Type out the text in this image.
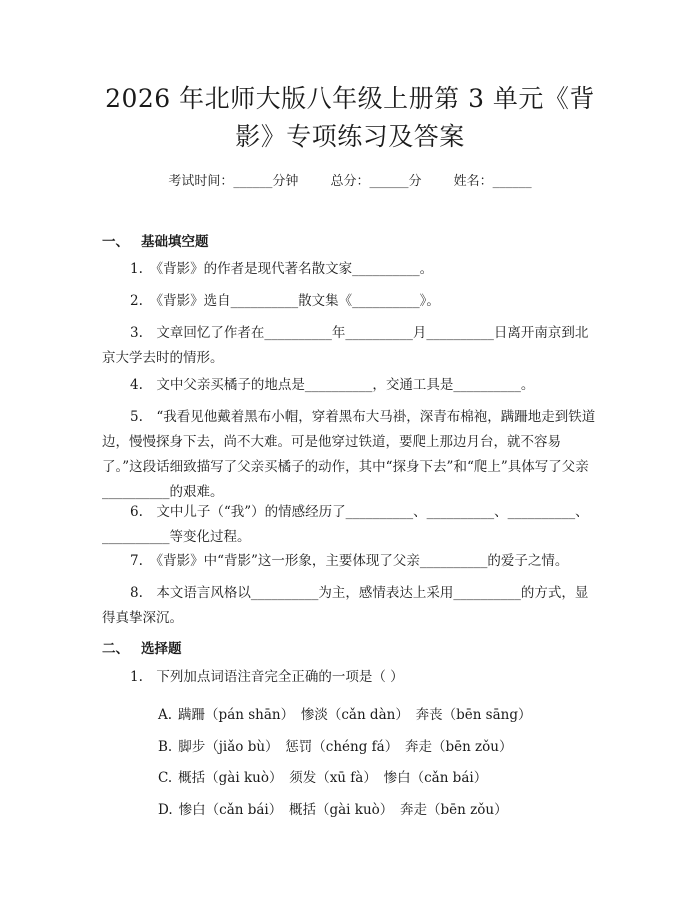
2026 年北师大版八年级上册第 3 单元《背
影》专项练习及答案
考试时间：______分钟 总分：______分 姓名：______
一、 基础填空题

1.　《背影》的作者是现代著名散文家__________。

2.　《背影》选自__________散文集《__________》。

3.　文章回忆了作者在__________年__________月__________日离开南京到北京大学去时的情形。

4.　文中父亲买橘子的地点是__________，交通工具是__________。

5.　“我看见他戴着黑布小帽，穿着黑布大马褂，深青布棉袍，蹒跚地走到铁道边，慢慢探身下去，尚不大难。可是他穿过铁道，要爬上那边月台，就不容易了。”这段话细致描写了父亲买橘子的动作，其中“探身下去”和“爬上”具体写了父亲__________的艰难。

6.　文中儿子（“我”）的情感经历了__________、__________、__________、__________等变化过程。

7.　《背影》中“背影”这一形象，主要体现了父亲__________的爱子之情。

8.　本文语言风格以__________为主，感情表达上采用__________的方式，显得真挚深沉。

二、 选择题

1.　下列加点词语注音完全正确的一项是（ ）

A. 蹒跚（pán shān）　惨淡（cǎn dàn）　奔丧（bēn sāng）
B. 脚步（jiǎo bù）　惩罚（chéng fá）　奔走（bēn zǒu）
C. 概括（gài kuò）　须发（xū fà）　惨白（cǎn bái）
D. 惨白（cǎn bái）　概括（gài kuò）　奔走（bēn zǒu）
